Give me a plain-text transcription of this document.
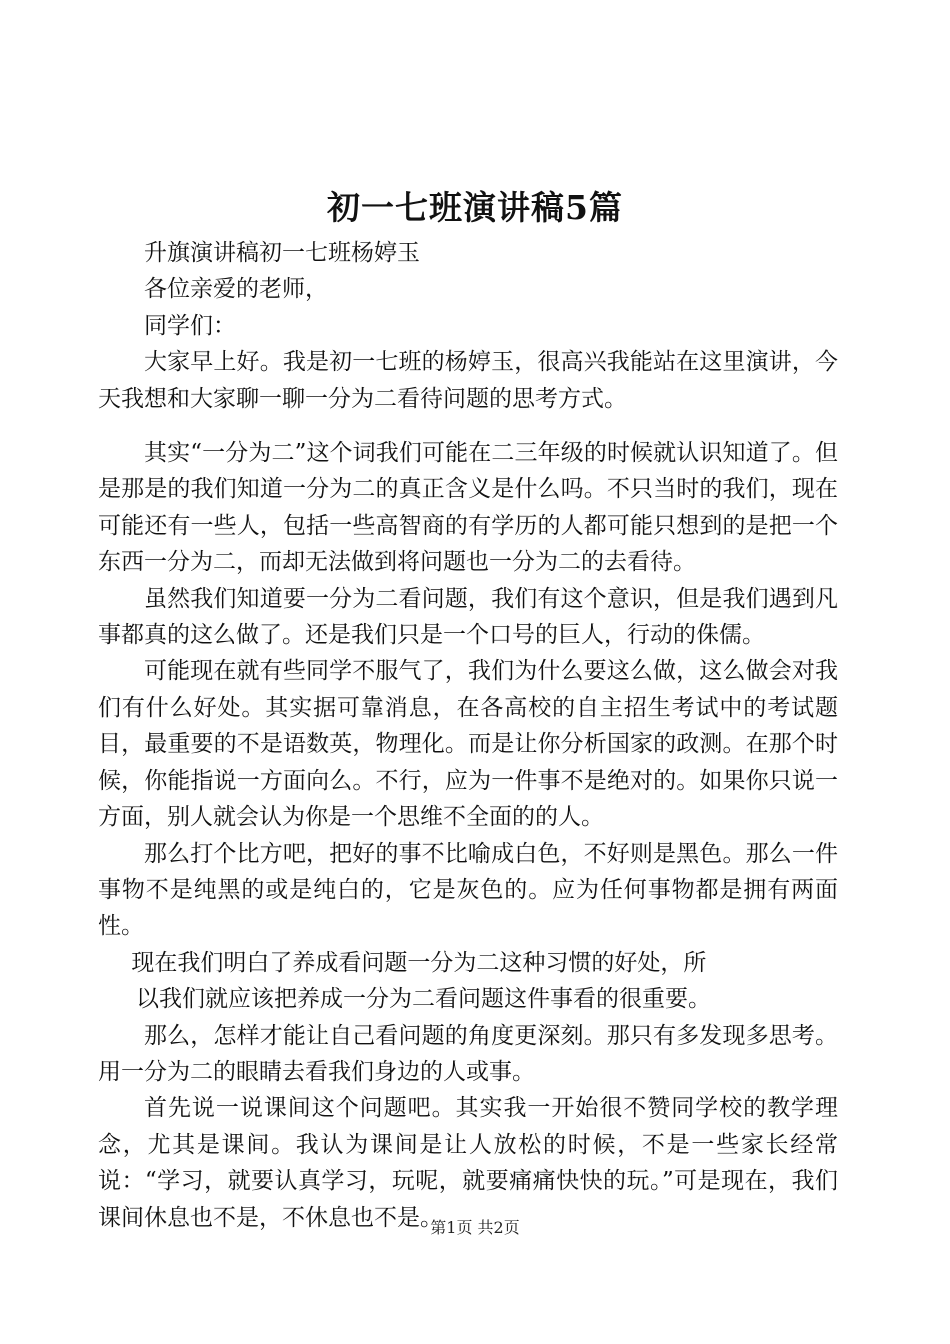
初一七班演讲稿5篇

升旗演讲稿初一七班杨婷玉

各位亲爱的老师，

同学们：

大家早上好。我是初一七班的杨婷玉，很高兴我能站在这里演讲，今天我想和大家聊一聊一分为二看待问题的思考方式。

其实“一分为二”这个词我们可能在二三年级的时候就认识知道了。但是那是的我们知道一分为二的真正含义是什么吗。不只当时的我们，现在可能还有一些人，包括一些高智商的有学历的人都可能只想到的是把一个东西一分为二，而却无法做到将问题也一分为二的去看待。

虽然我们知道要一分为二看问题，我们有这个意识，但是我们遇到凡事都真的这么做了。还是我们只是一个口号的巨人，行动的侏儒。

可能现在就有些同学不服气了，我们为什么要这么做，这么做会对我们有什么好处。其实据可靠消息，在各高校的自主招生考试中的考试题目，最重要的不是语数英，物理化。而是让你分析国家的政测。在那个时候，你能指说一方面向么。不行，应为一件事不是绝对的。如果你只说一方面，别人就会认为你是一个思维不全面的的人。

那么打个比方吧，把好的事不比喻成白色，不好则是黑色。那么一件事物不是纯黑的或是纯白的，它是灰色的。应为任何事物都是拥有两面性。

现在我们明白了养成看问题一分为二这种习惯的好处，所
以我们就应该把养成一分为二看问题这件事看的很重要。

那么，怎样才能让自己看问题的角度更深刻。那只有多发现多思考。用一分为二的眼睛去看我们身边的人或事。

首先说一说课间这个问题吧。其实我一开始很不赞同学校的教学理念，尤其是课间。我认为课间是让人放松的时候，不是一些家长经常说：“学习，就要认真学习，玩呢，就要痛痛快快的玩。”可是现在，我们课间休息也不是，不休息也不是。

第1页 共2页
